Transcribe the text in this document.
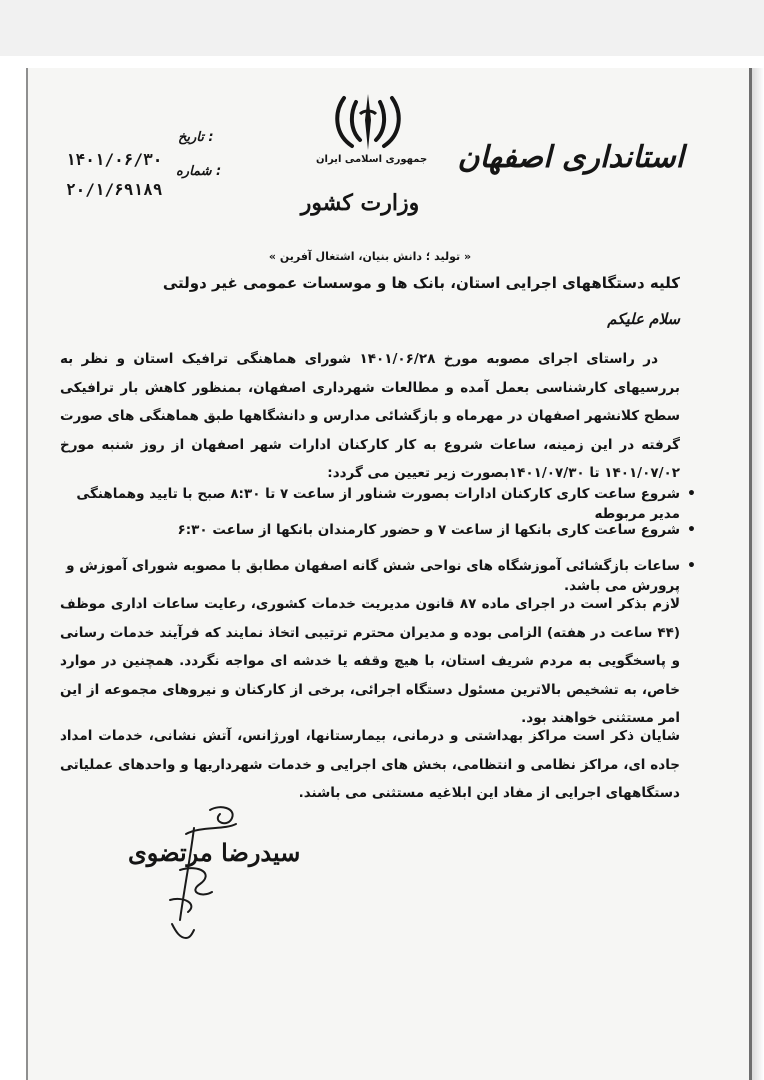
جمهوری اسلامی ایران
وزارت کشور
استانداری اصفهان
تاریخ :
شماره :
۱۴۰۱/۰۶/۳۰
۲۰/۱/۶۹۱۸۹
« تولید ؛ دانش بنیان، اشتغال آفرین »
کلیه دستگاههای اجرایی استان، بانک ها و موسسات عمومی غیر دولتی
سلام علیکم

در راستای اجرای مصوبه مورخ ۱۴۰۱/۰۶/۲۸ شورای هماهنگی ترافیک استان و نظر به بررسیهای کارشناسی بعمل آمده و مطالعات شهرداری اصفهان، بمنظور کاهش بار ترافیکی سطح کلانشهر اصفهان در مهرماه و بازگشائی مدارس و دانشگاهها طبق هماهنگی های صورت گرفته در این زمینه، ساعات شروع به کار کارکنان ادارات شهر اصفهان از روز شنبه مورخ ۱۴۰۱/۰۷/۰۲ تا ۱۴۰۱/۰۷/۳۰بصورت زیر تعیین می گردد:

• شروع ساعت کاری کارکنان ادارات بصورت شناور از ساعت ۷ تا ۸:۳۰ صبح با تایید وهماهنگی مدیر مربوطه
• شروع ساعت کاری بانکها از ساعت ۷ و حضور کارمندان بانکها از ساعت ۶:۳۰
• ساعات بازگشائی آموزشگاه های نواحی شش گانه اصفهان مطابق با مصوبه شورای آموزش و پرورش می باشد.

لازم بذکر است در اجرای ماده ۸۷ قانون مدیریت خدمات کشوری، رعایت ساعات اداری موظف (۴۴ ساعت در هفته) الزامی بوده و مدیران محترم ترتیبی اتخاذ نمایند که فرآیند خدمات رسانی و پاسخگویی به مردم شریف استان، با هیچ وقفه یا خدشه ای مواجه نگردد. همچنین در موارد خاص، به تشخیص بالاترین مسئول دستگاه اجرائی، برخی از کارکنان و نیروهای مجموعه از این امر مستثنی خواهند بود.

شایان ذکر است مراکز بهداشتی و درمانی، بیمارستانها، اورژانس، آتش نشانی، خدمات امداد جاده ای، مراکز نظامی و انتظامی، بخش های اجرایی و خدمات شهرداریها و واحدهای عملیاتی دستگاههای اجرایی از مفاد این ابلاغیه مستثنی می باشند.

سیدرضا مرتضوی
